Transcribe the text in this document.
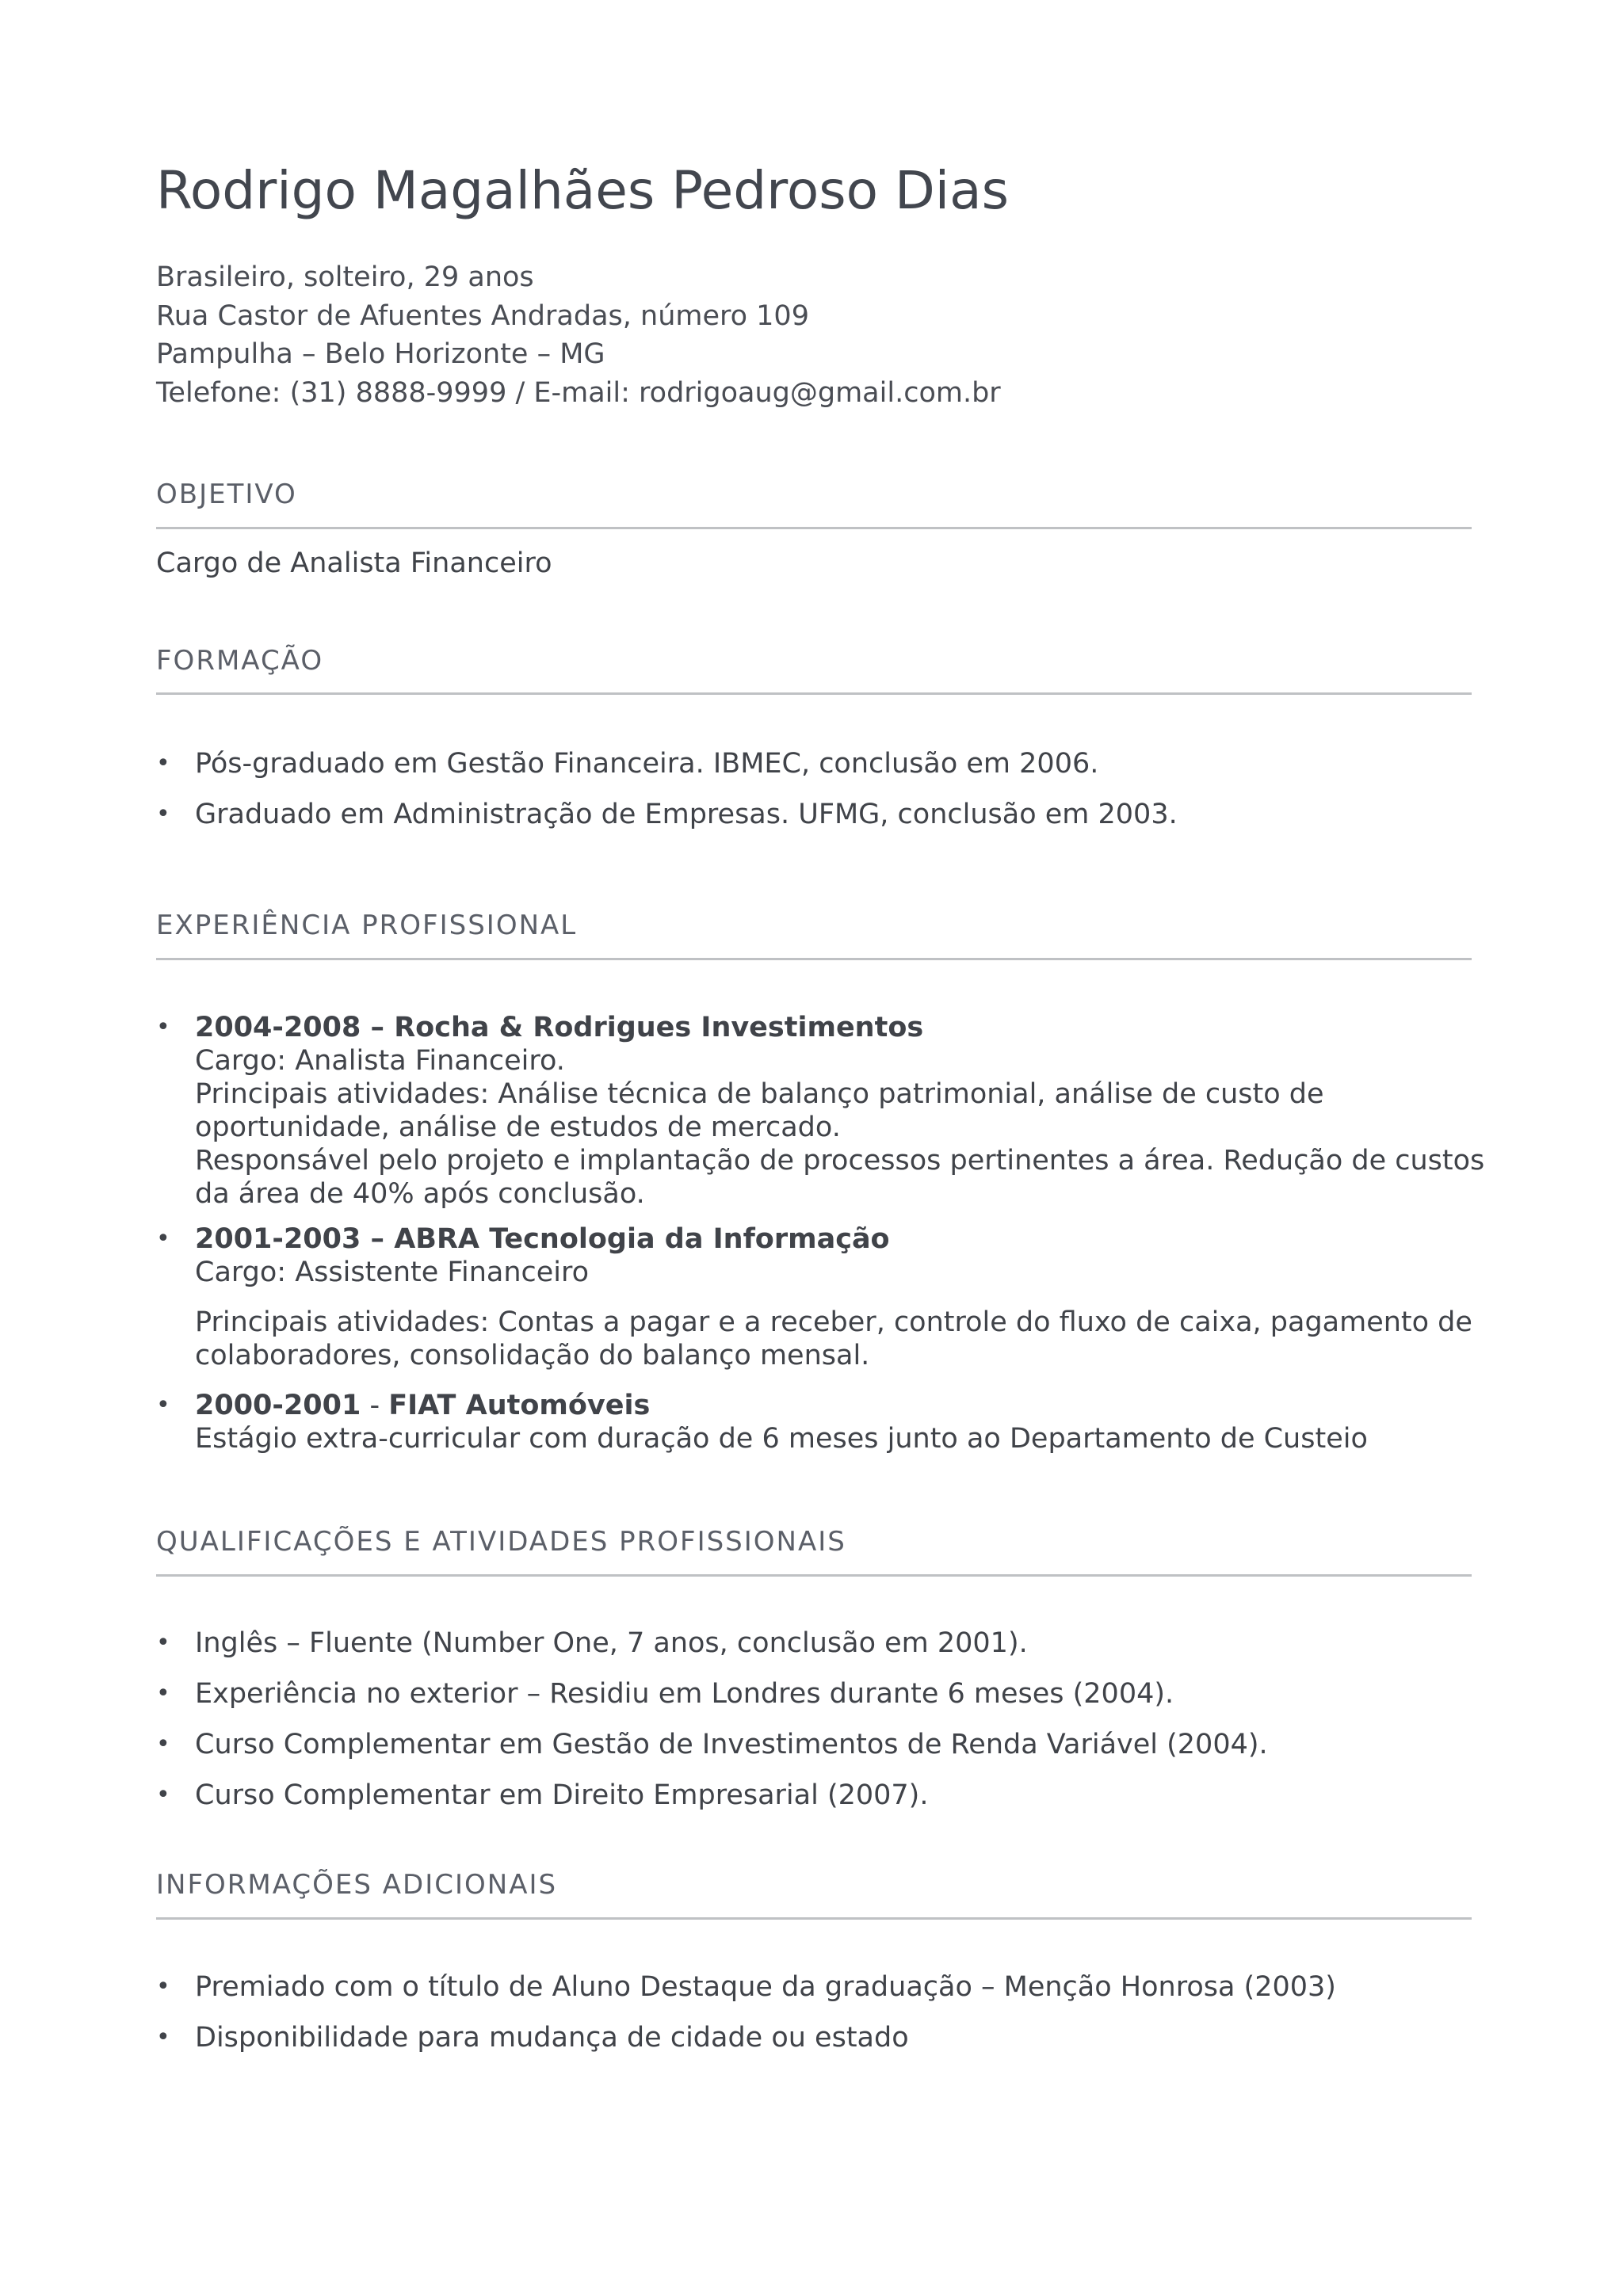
Rodrigo Magalhães Pedroso Dias
Brasileiro, solteiro, 29 anos
Rua Castor de Afuentes Andradas, número 109
Pampulha – Belo Horizonte – MG
Telefone: (31) 8888-9999 / E-mail: rodrigoaug@gmail.com.br
OBJETIVO
Cargo de Analista Financeiro
FORMAÇÃO
• Pós-graduado em Gestão Financeira. IBMEC, conclusão em 2006.
• Graduado em Administração de Empresas. UFMG, conclusão em 2003.
EXPERIÊNCIA PROFISSIONAL
• 2004-2008 – Rocha & Rodrigues Investimentos
Cargo: Analista Financeiro.
Principais atividades: Análise técnica de balanço patrimonial, análise de custo de
oportunidade, análise de estudos de mercado.
Responsável pelo projeto e implantação de processos pertinentes a área. Redução de custos
da área de 40% após conclusão.
• 2001-2003 – ABRA Tecnologia da Informação
Cargo: Assistente Financeiro
Principais atividades: Contas a pagar e a receber, controle do fluxo de caixa, pagamento de
colaboradores, consolidação do balanço mensal.
• 2000-2001 - FIAT Automóveis
Estágio extra-curricular com duração de 6 meses junto ao Departamento de Custeio
QUALIFICAÇÕES E ATIVIDADES PROFISSIONAIS
• Inglês – Fluente (Number One, 7 anos, conclusão em 2001).
• Experiência no exterior – Residiu em Londres durante 6 meses (2004).
• Curso Complementar em Gestão de Investimentos de Renda Variável (2004).
• Curso Complementar em Direito Empresarial (2007).
INFORMAÇÕES ADICIONAIS
• Premiado com o título de Aluno Destaque da graduação – Menção Honrosa (2003)
• Disponibilidade para mudança de cidade ou estado
